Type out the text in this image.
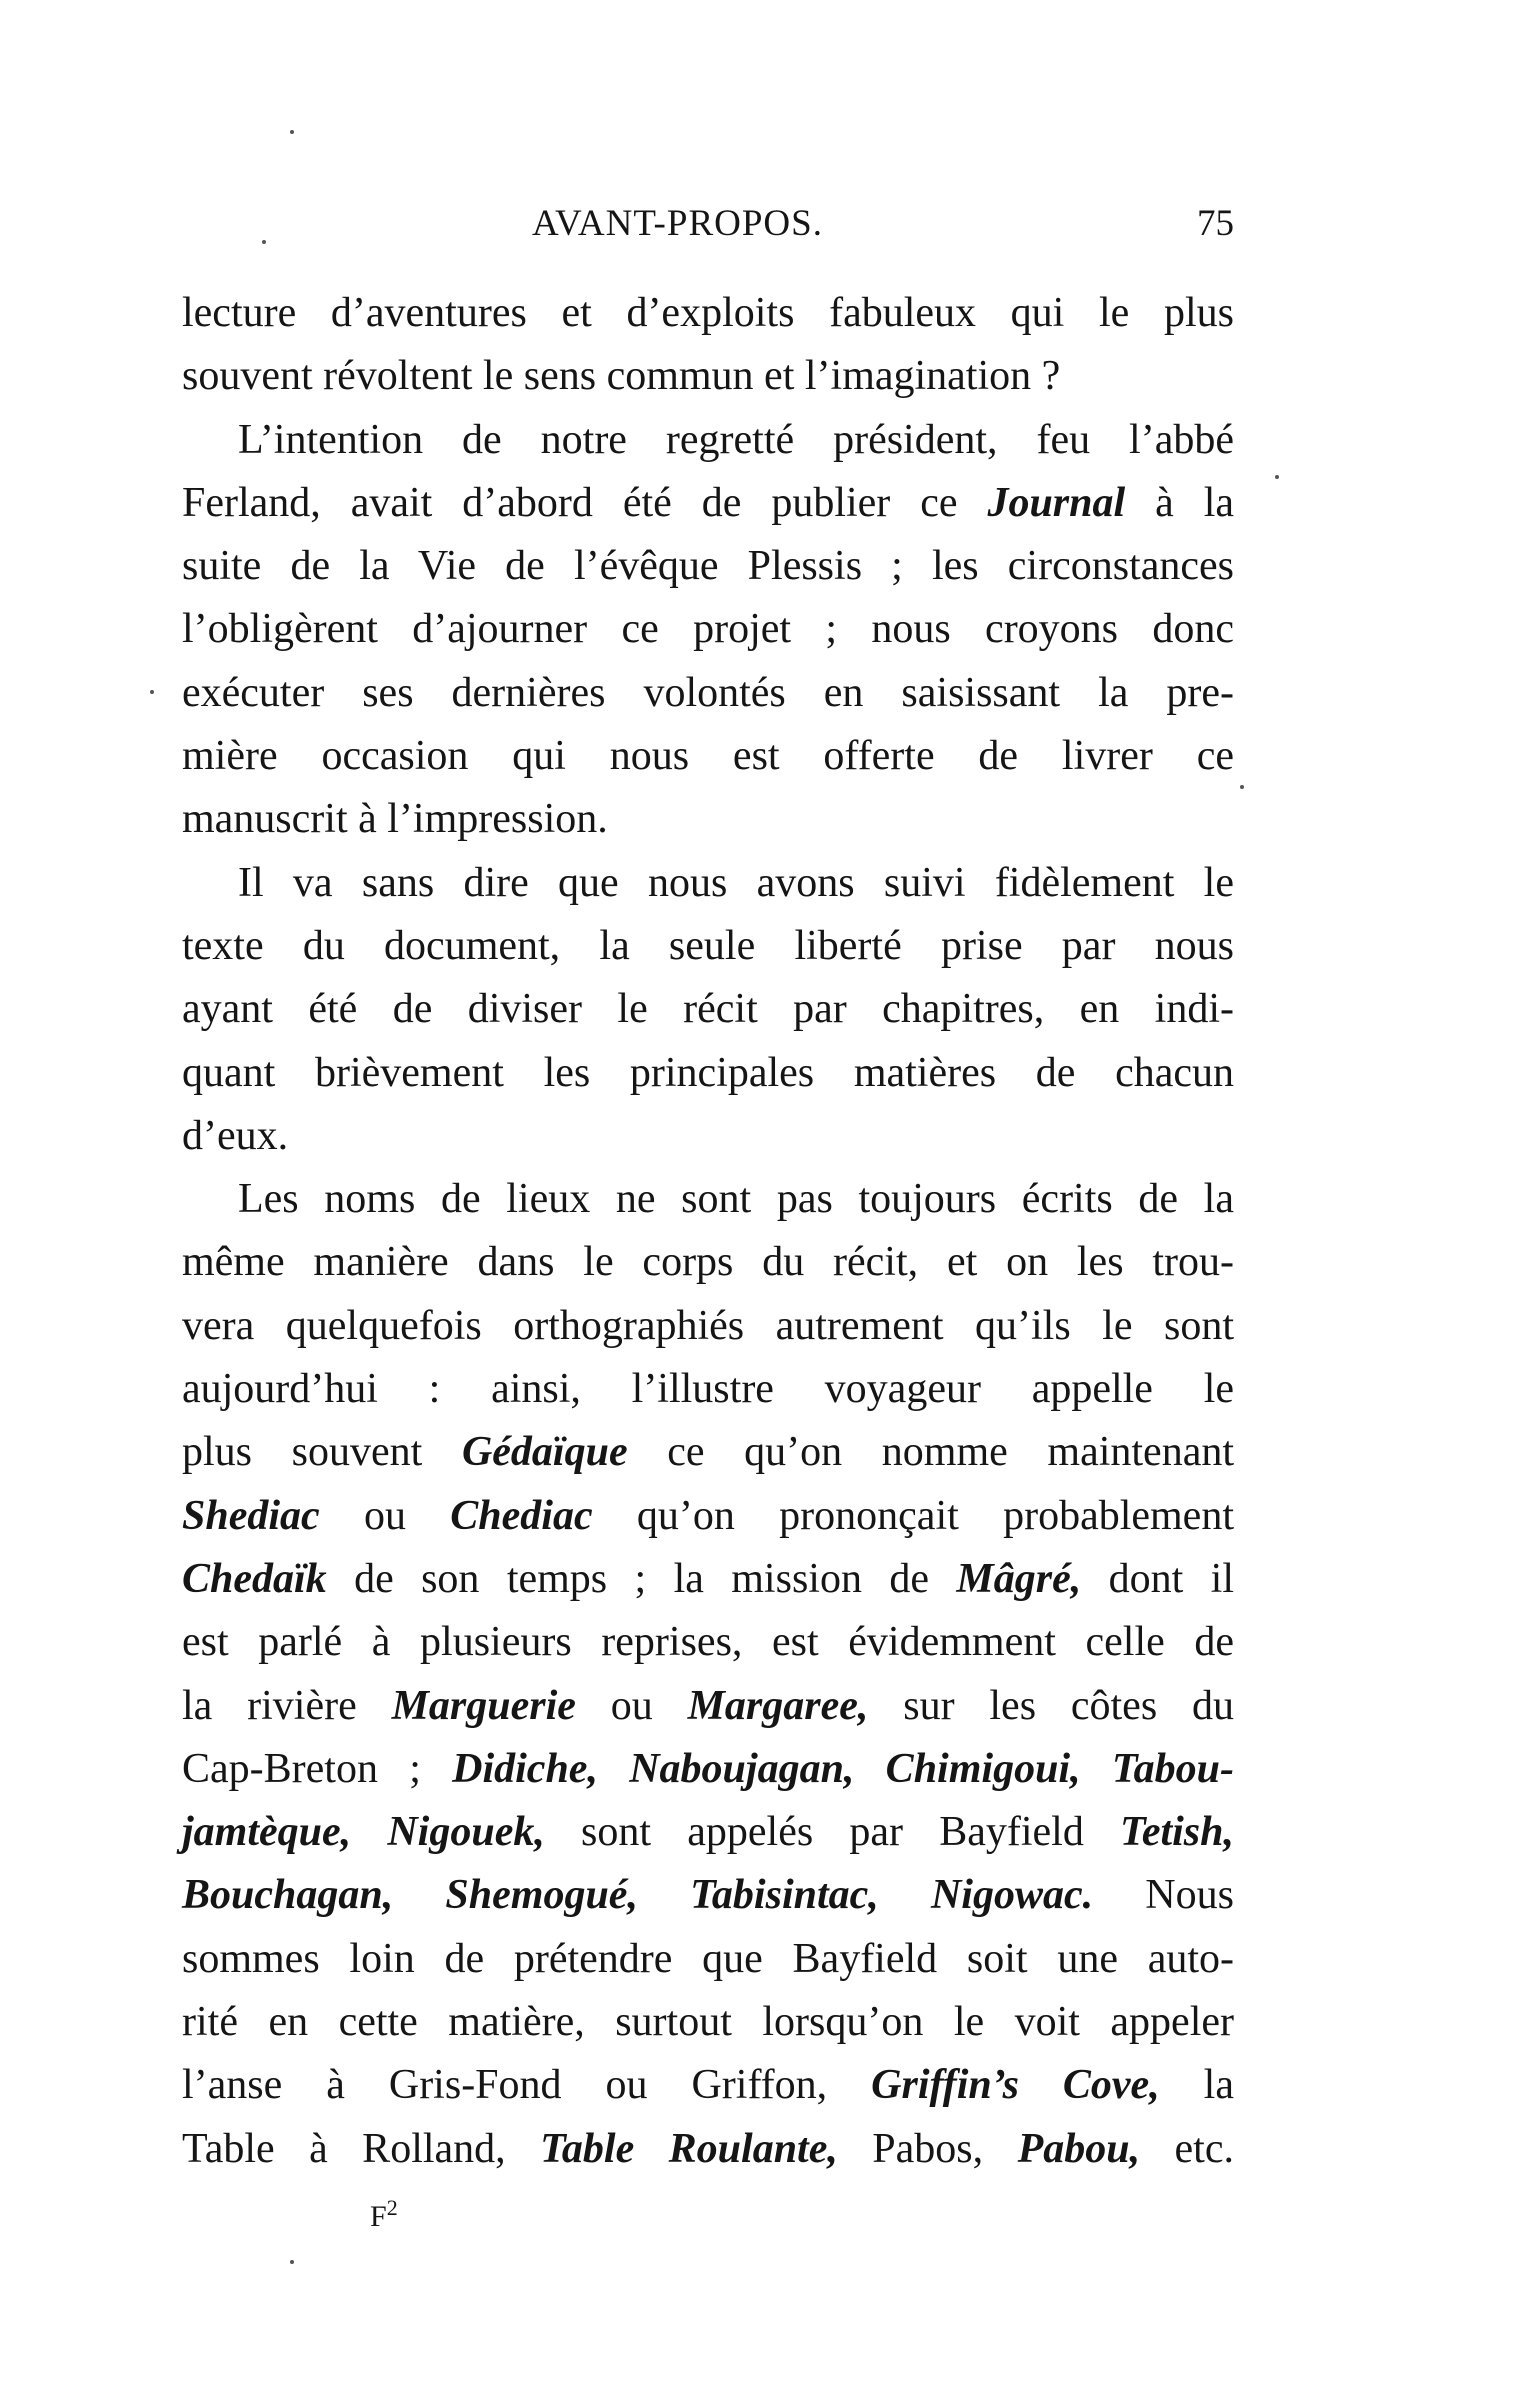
AVANT-PROPOS.	75
lecture d’aventures et d’exploits fabuleux qui le plus
souvent révoltent le sens commun et l’imagination ?
L’intention de notre regretté président, feu l’abbé
Ferland, avait d’abord été de publier ce Journal à la
suite de la Vie de l’évêque Plessis ; les circonstances
l’obligèrent d’ajourner ce projet ; nous croyons donc
exécuter ses dernières volontés en saisissant la pre-
mière occasion qui nous est offerte de livrer ce
manuscrit à l’impression.
Il va sans dire que nous avons suivi fidèlement le
texte du document, la seule liberté prise par nous
ayant été de diviser le récit par chapitres, en indi-
quant brièvement les principales matières de chacun
d’eux.
Les noms de lieux ne sont pas toujours écrits de la
même manière dans le corps du récit, et on les trou-
vera quelquefois orthographiés autrement qu’ils le sont
aujourd’hui : ainsi, l’illustre voyageur appelle le
plus souvent Gédaïque ce qu’on nomme maintenant
Shediac ou Chediac qu’on prononçait probablement
Chedaïk de son temps ; la mission de Mâgré, dont il
est parlé à plusieurs reprises, est évidemment celle de
la rivière Marguerie ou Margaree, sur les côtes du
Cap-Breton ; Didiche, Naboujagan, Chimigoui, Tabou-
jamtèque, Nigouek, sont appelés par Bayfield Tetish,
Bouchagan, Shemogué, Tabisintac, Nigowac. Nous
sommes loin de prétendre que Bayfield soit une auto-
rité en cette matière, surtout lorsqu’on le voit appeler
l’anse à Gris-Fond ou Griffon, Griffin’s Cove, la
Table à Rolland, Table Roulante, Pabos, Pabou, etc.
$F^2$
